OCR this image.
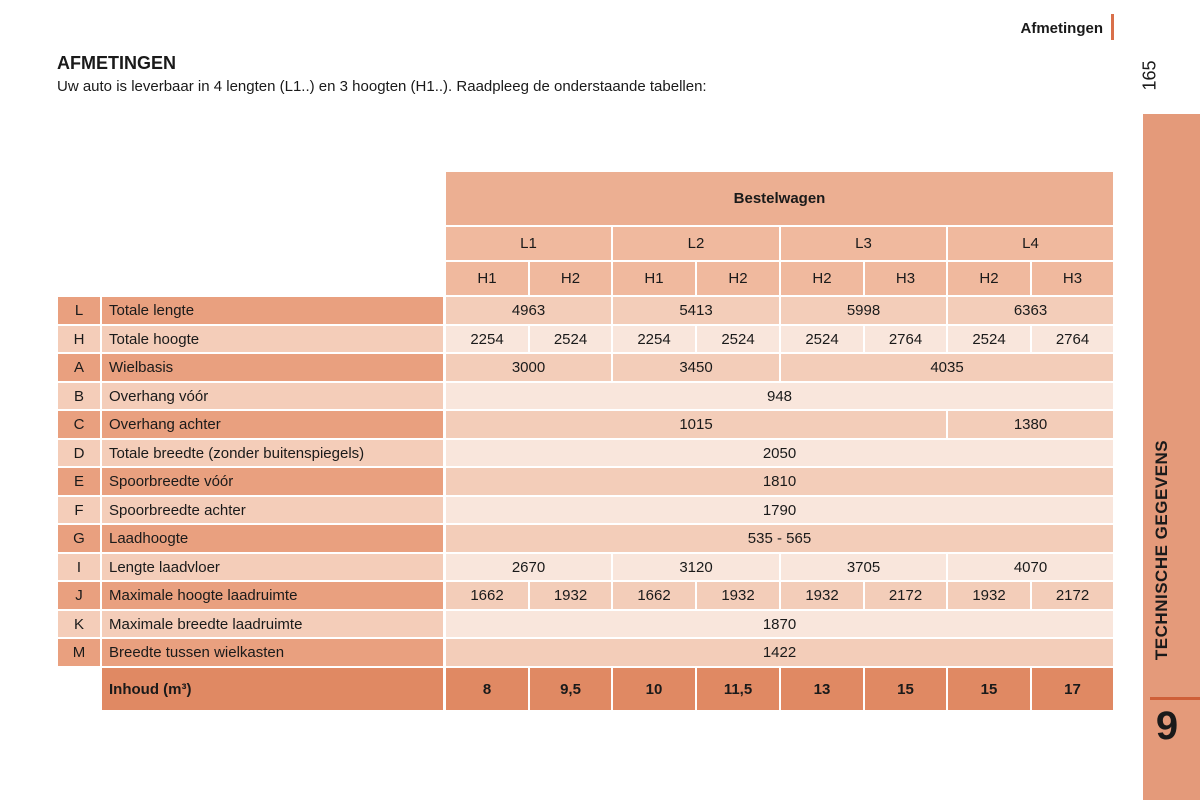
Afmetingen
165
TECHNISCHE GEGEVENS
9
AFMETINGEN
Uw auto is leverbaar in 4 lengten (L1..) en 3 hoogten (H1..). Raadpleeg de onderstaande tabellen:
Bestelwagen
L1	L2	L3	L4
H1	H2	H1	H2	H2	H3	H2	H3
L	Totale lengte	4963	5413	5998	6363
H	Totale hoogte	2254	2524	2254	2524	2524	2764	2524	2764
A	Wielbasis	3000	3450	4035
B	Overhang vóór	948
C	Overhang achter	1015	1380
D	Totale breedte (zonder buitenspiegels)	2050
E	Spoorbreedte vóór	1810
F	Spoorbreedte achter	1790
G	Laadhoogte	535 - 565
I	Lengte laadvloer	2670	3120	3705	4070
J	Maximale hoogte laadruimte	1662	1932	1662	1932	1932	2172	1932	2172
K	Maximale breedte laadruimte	1870
M	Breedte tussen wielkasten	1422
Inhoud (m³)	8	9,5	10	11,5	13	15	15	17
